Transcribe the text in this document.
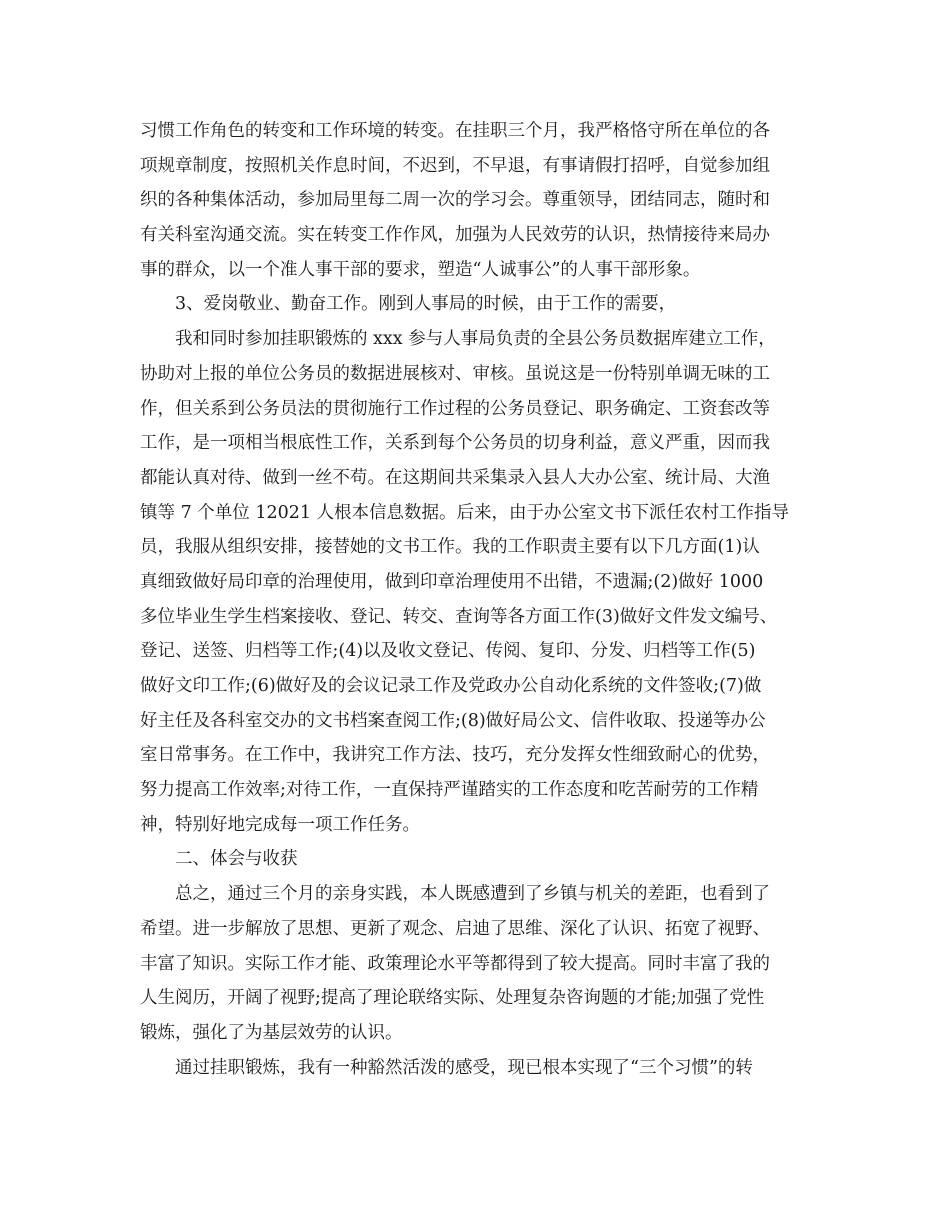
习惯工作角色的转变和工作环境的转变。在挂职三个月，我严格恪守所在单位的各
项规章制度，按照机关作息时间，不迟到，不早退，有事请假打招呼，自觉参加组
织的各种集体活动，参加局里每二周一次的学习会。尊重领导，团结同志，随时和
有关科室沟通交流。实在转变工作作风，加强为人民效劳的认识，热情接待来局办
事的群众，以一个准人事干部的要求，塑造“人诚事公”的人事干部形象。
3、爱岗敬业、勤奋工作。刚到人事局的时候，由于工作的需要，
我和同时参加挂职锻炼的 xxx 参与人事局负责的全县公务员数据库建立工作，
协助对上报的单位公务员的数据进展核对、审核。虽说这是一份特别单调无味的工
作，但关系到公务员法的贯彻施行工作过程的公务员登记、职务确定、工资套改等
工作，是一项相当根底性工作，关系到每个公务员的切身利益，意义严重，因而我
都能认真对待、做到一丝不苟。在这期间共采集录入县人大办公室、统计局、大渔
镇等 7 个单位 12021 人根本信息数据。后来，由于办公室文书下派任农村工作指导
员，我服从组织安排，接替她的文书工作。我的工作职责主要有以下几方面(1)认
真细致做好局印章的治理使用，做到印章治理使用不出错，不遗漏;(2)做好 1000
多位毕业生学生档案接收、登记、转交、查询等各方面工作(3)做好文件发文编号、
登记、送签、归档等工作;(4)以及收文登记、传阅、复印、分发、归档等工作(5)
做好文印工作;(6)做好及的会议记录工作及党政办公自动化系统的文件签收;(7)做
好主任及各科室交办的文书档案查阅工作;(8)做好局公文、信件收取、投递等办公
室日常事务。在工作中，我讲究工作方法、技巧，充分发挥女性细致耐心的优势，
努力提高工作效率;对待工作，一直保持严谨踏实的工作态度和吃苦耐劳的工作精
神，特别好地完成每一项工作任务。
二、体会与收获
总之，通过三个月的亲身实践，本人既感遭到了乡镇与机关的差距，也看到了
希望。进一步解放了思想、更新了观念、启迪了思维、深化了认识、拓宽了视野、
丰富了知识。实际工作才能、政策理论水平等都得到了较大提高。同时丰富了我的
人生阅历，开阔了视野;提高了理论联络实际、处理复杂咨询题的才能;加强了党性
锻炼，强化了为基层效劳的认识。
通过挂职锻炼，我有一种豁然活泼的感受，现已根本实现了“三个习惯”的转
